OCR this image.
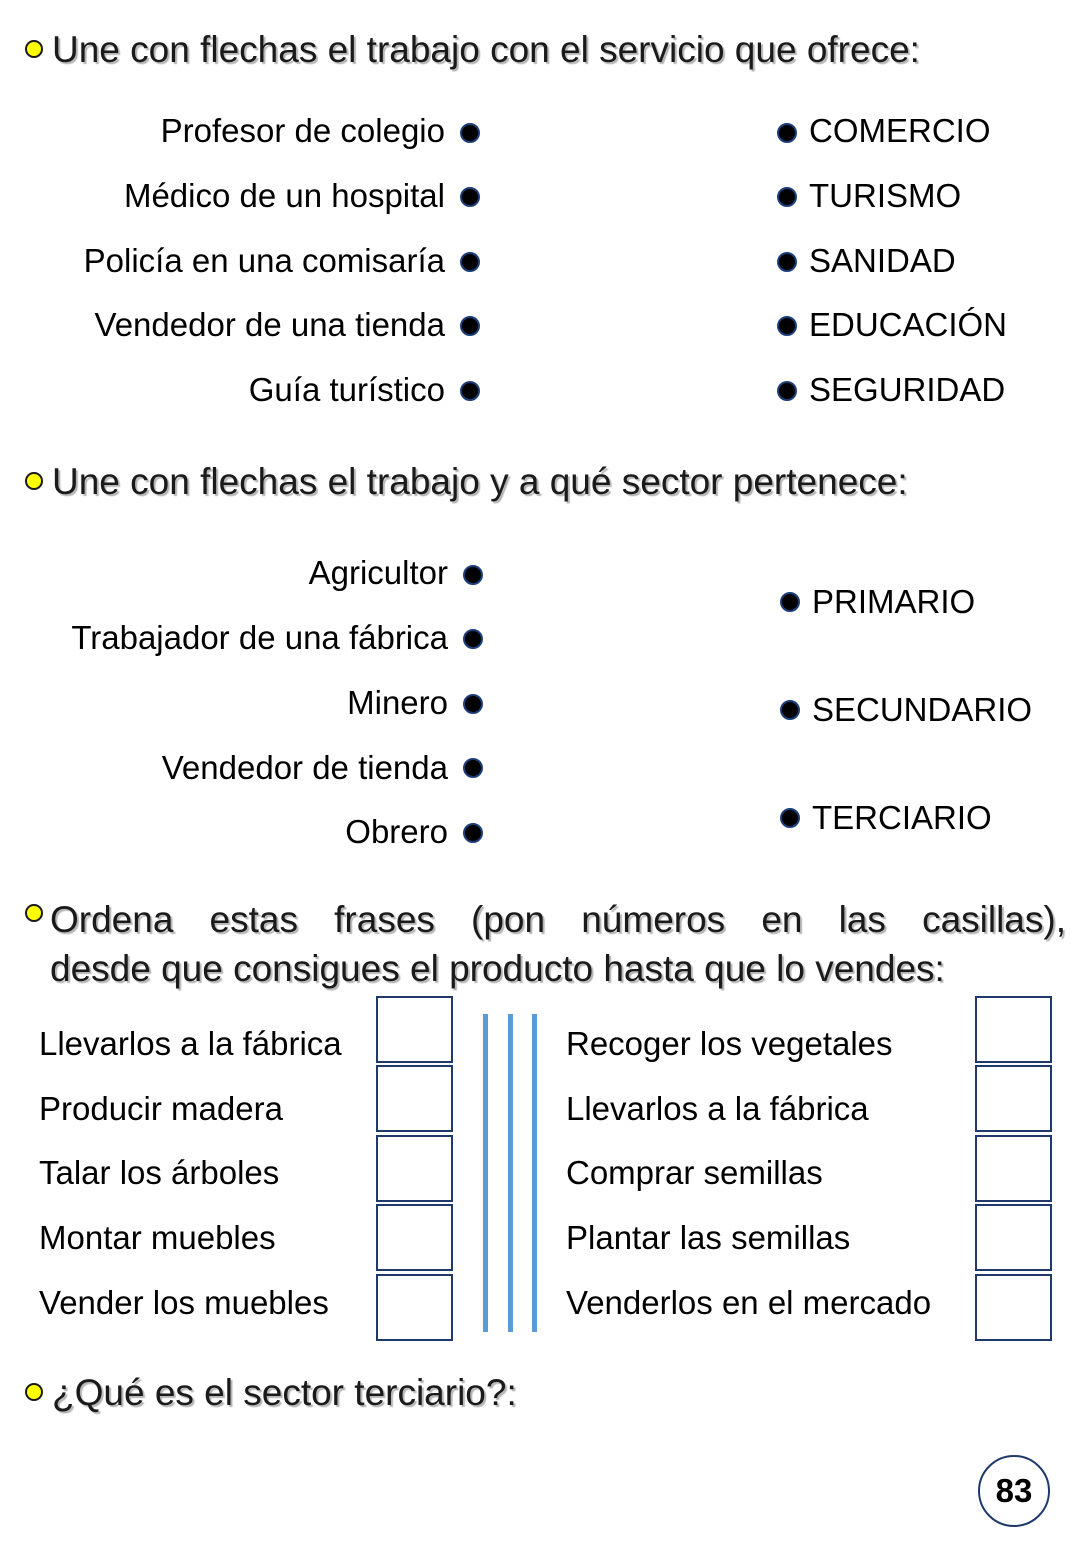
Une con flechas el trabajo con el servicio que ofrece:
Profesor de colegio
Médico de un hospital
Policía en una comisaría
Vendedor de una tienda
Guía turístico
COMERCIO
TURISMO
SANIDAD
EDUCACIÓN
SEGURIDAD
Une con flechas el trabajo y a qué sector pertenece:
Agricultor
Trabajador de una fábrica
Minero
Vendedor de tienda
Obrero
PRIMARIO
SECUNDARIO
TERCIARIO
Ordena estas frases (pon números en las casillas),
desde que consigues el producto hasta que lo vendes:
Llevarlos a la fábrica
Producir madera
Talar los árboles
Montar muebles
Vender los muebles
Recoger los vegetales
Llevarlos a la fábrica
Comprar semillas
Plantar las semillas
Venderlos en el mercado
¿Qué es el sector terciario?:
83
